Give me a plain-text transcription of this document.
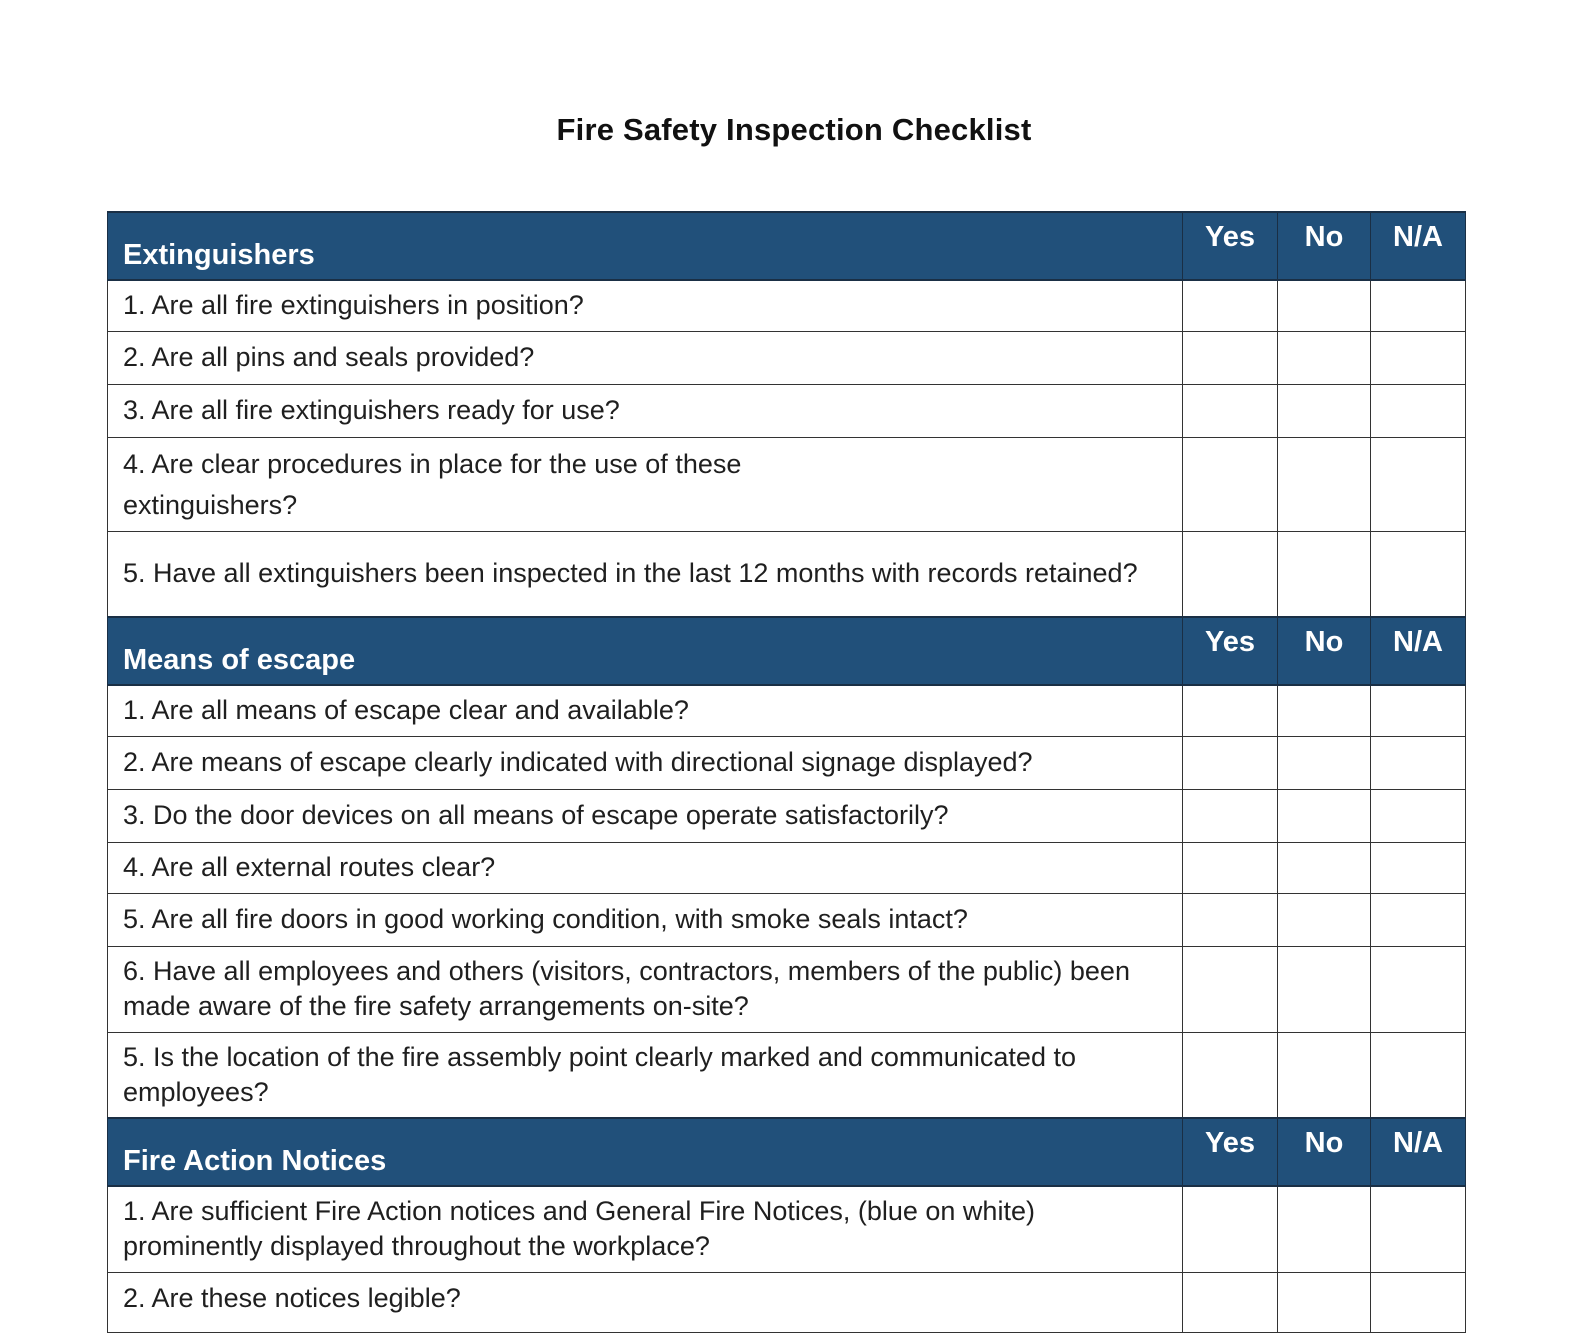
Fire Safety Inspection Checklist
Extinguishers	Yes	No	N/A
1. Are all fire extinguishers in position?			
2. Are all pins and seals provided?			
3. Are all fire extinguishers ready for use?			
4. Are clear procedures in place for the use of these extinguishers?			
5. Have all extinguishers been inspected in the last 12 months with records retained?			
Means of escape	Yes	No	N/A
1. Are all means of escape clear and available?			
2. Are means of escape clearly indicated with directional signage displayed?			
3. Do the door devices on all means of escape operate satisfactorily?			
4. Are all external routes clear?			
5. Are all fire doors in good working condition, with smoke seals intact?			
6. Have all employees and others (visitors, contractors, members of the public) been made aware of the fire safety arrangements on-site?			
5. Is the location of the fire assembly point clearly marked and communicated to employees?			
Fire Action Notices	Yes	No	N/A
1. Are sufficient Fire Action notices and General Fire Notices, (blue on white) prominently displayed throughout the workplace?			
2. Are these notices legible?			
